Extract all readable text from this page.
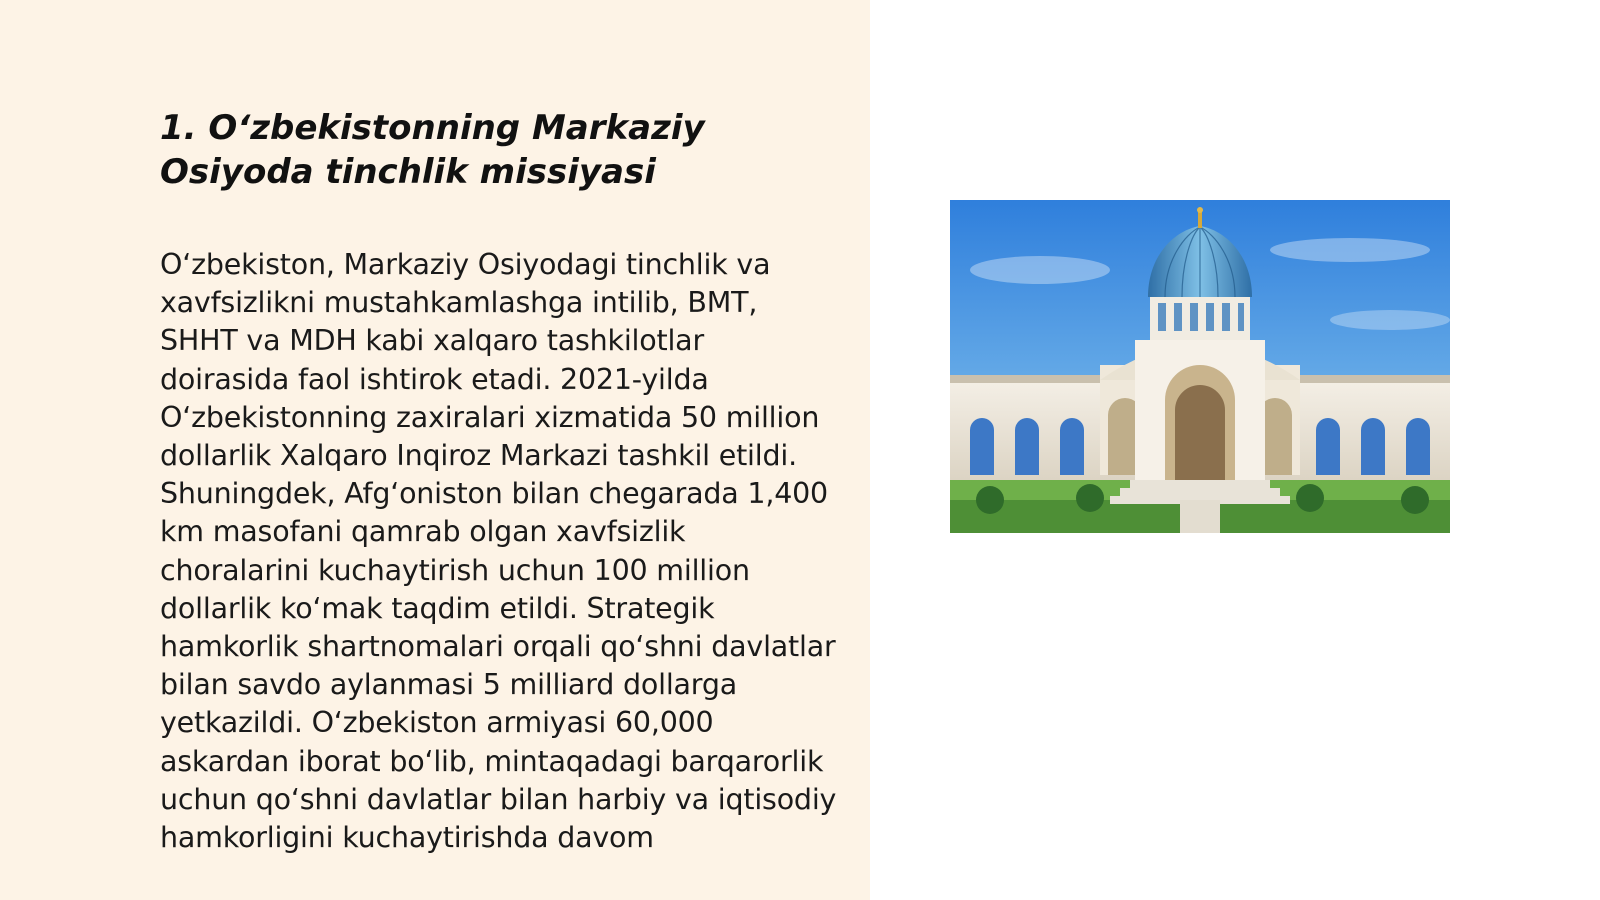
1. O‘zbekistonning Markaziy Osiyoda tinchlik missiyasi

O‘zbekiston, Markaziy Osiyodagi tinchlik va xavfsizlikni mustahkamlashga intilib, BMT, SHHT va MDH kabi xalqaro tashkilotlar doirasida faol ishtirok etadi. 2021-yilda O‘zbekistonning zaxiralari xizmatida 50 million dollarlik Xalqaro Inqiroz Markazi tashkil etildi. Shuningdek, Afg‘oniston bilan chegarada 1,400 km masofani qamrab olgan xavfsizlik choralarini kuchaytirish uchun 100 million dollarlik ko‘mak taqdim etildi. Strategik hamkorlik shartnomalari orqali qo‘shni davlatlar bilan savdo aylanmasi 5 milliard dollarga yetkazildi. O‘zbekiston armiyasi 60,000 askardan iborat bo‘lib, mintaqadagi barqarorlik uchun qo‘shni davlatlar bilan harbiy va iqtisodiy hamkorligini kuchaytirishda davom
